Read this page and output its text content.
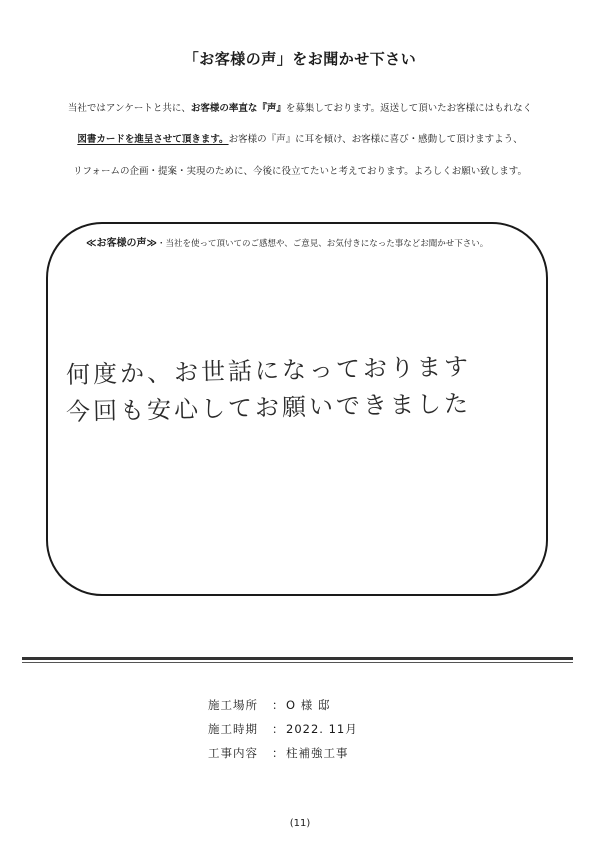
「お客様の声」をお聞かせ下さい
当社ではアンケートと共に、お客様の率直な『声』を募集しております。返送して頂いたお客様にはもれなく
図書カードを進呈させて頂きます。お客様の『声』に耳を傾け、お客様に喜び・感動して頂けますよう、
リフォームの企画・提案・実現のために、今後に役立てたいと考えております。よろしくお願い致します。
≪お客様の声≫・当社を使って頂いてのご感想や、ご意見、お気付きになった事などお聞かせ下さい。
何度か、お世話になっております
今回も安心してお願いできました
施工場所 ： O 様 邸
施工時期 ： 2022. 11月
工事内容 ： 柱補強工事
(11)
